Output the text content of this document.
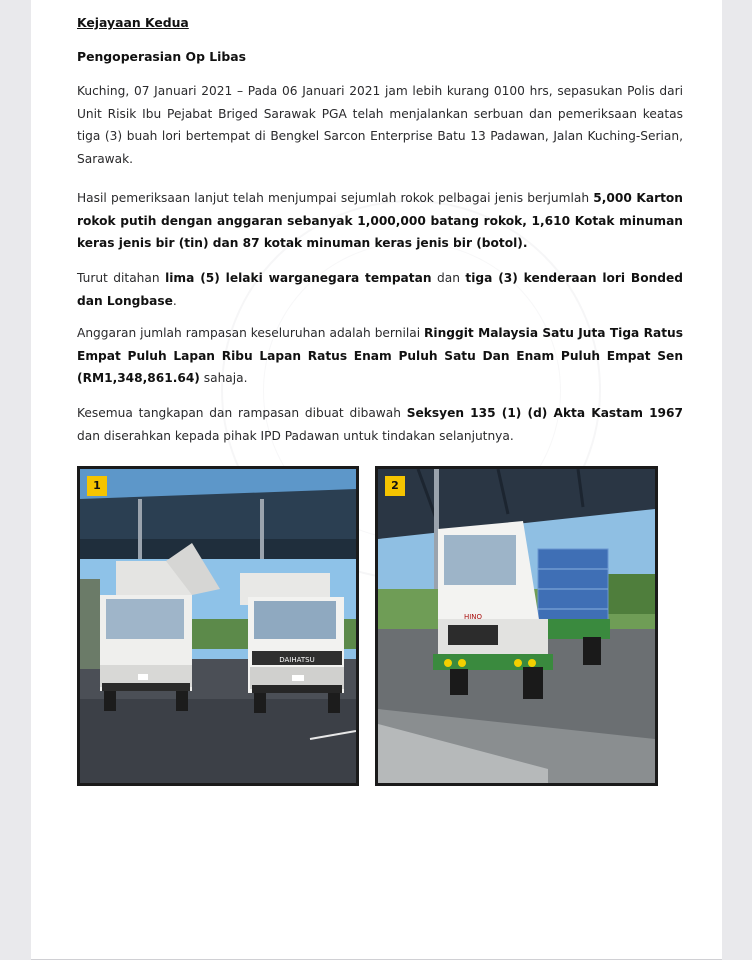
Kejayaan Kedua
Pengoperasian Op Libas

Kuching, 07 Januari 2021 – Pada 06 Januari 2021 jam lebih kurang 0100 hrs, sepasukan Polis dari Unit Risik Ibu Pejabat Briged Sarawak PGA telah menjalankan serbuan dan pemeriksaan keatas tiga (3) buah lori bertempat di Bengkel Sarcon Enterprise Batu 13 Padawan, Jalan Kuching-Serian, Sarawak.

Hasil pemeriksaan lanjut telah menjumpai sejumlah rokok pelbagai jenis berjumlah 5,000 Karton rokok putih dengan anggaran sebanyak 1,000,000 batang rokok, 1,610 Kotak minuman keras jenis bir (tin) dan 87 kotak minuman keras jenis bir (botol).

Turut ditahan lima (5) lelaki warganegara tempatan dan tiga (3) kenderaan lori Bonded dan Longbase.

Anggaran jumlah rampasan keseluruhan adalah bernilai Ringgit Malaysia Satu Juta Tiga Ratus Empat Puluh Lapan Ribu Lapan Ratus Enam Puluh Satu Dan Enam Puluh Empat Sen (RM1,348,861.64) sahaja.

Kesemua tangkapan dan rampasan dibuat dibawah Seksyen 135 (1) (d) Akta Kastam 1967 dan diserahkan kepada pihak IPD Padawan untuk tindakan selanjutnya.

1
DAIHATSU
2
HINO
